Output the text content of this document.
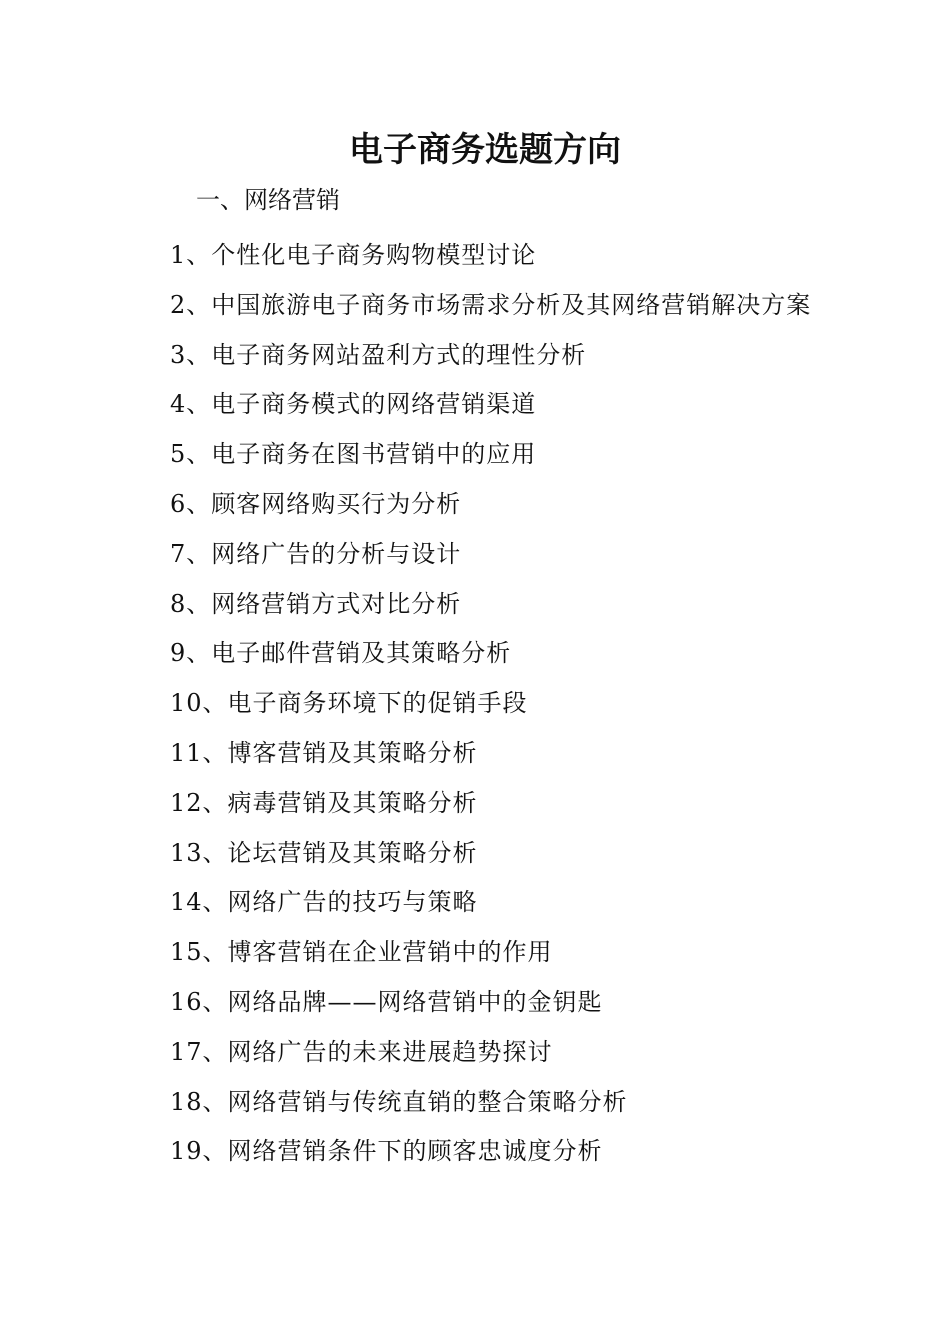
电子商务选题方向
一、网络营销
1、个性化电子商务购物模型讨论
2、中国旅游电子商务市场需求分析及其网络营销解决方案
3、电子商务网站盈利方式的理性分析
4、电子商务模式的网络营销渠道
5、电子商务在图书营销中的应用
6、顾客网络购买行为分析
7、网络广告的分析与设计
8、网络营销方式对比分析
9、电子邮件营销及其策略分析
10、电子商务环境下的促销手段
11、博客营销及其策略分析
12、病毒营销及其策略分析
13、论坛营销及其策略分析
14、网络广告的技巧与策略
15、博客营销在企业营销中的作用
16、网络品牌——网络营销中的金钥匙
17、网络广告的未来进展趋势探讨
18、网络营销与传统直销的整合策略分析
19、网络营销条件下的顾客忠诚度分析
